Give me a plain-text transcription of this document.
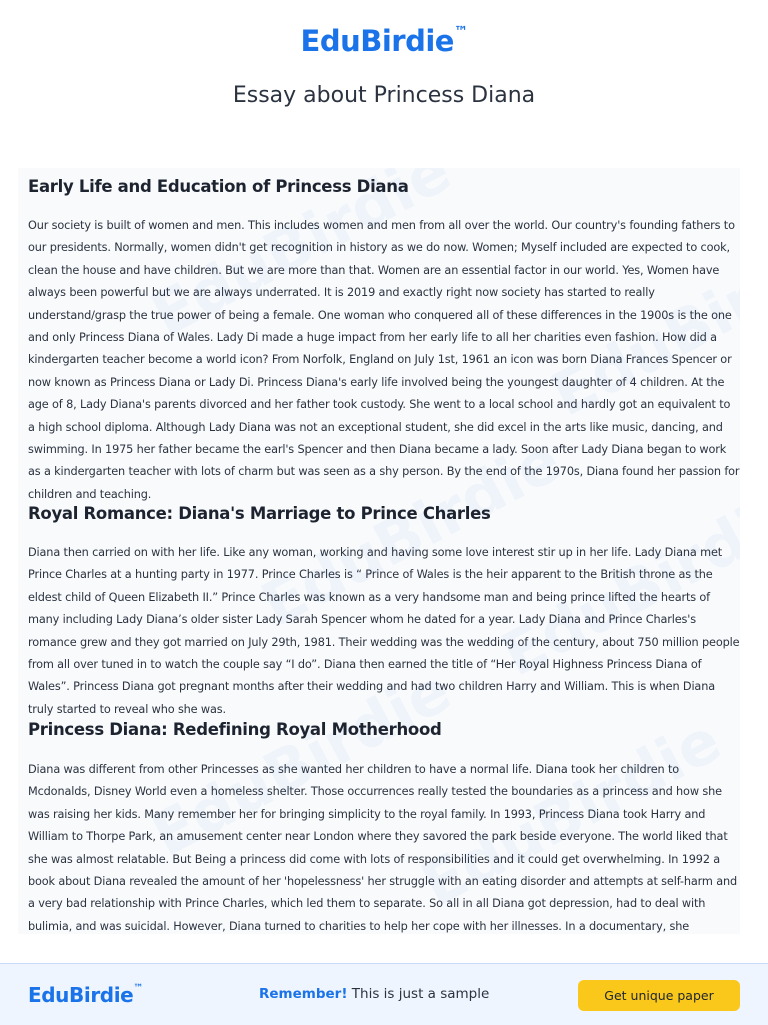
EduBirdie™
Essay about Princess Diana
Early Life and Education of Princess Diana

Our society is built of women and men. This includes women and men from all over the world. Our country's founding fathers to our presidents. Normally, women didn't get recognition in history as we do now. Women; Myself included are expected to cook, clean the house and have children. But we are more than that. Women are an essential factor in our world. Yes, Women have always been powerful but we are always underrated. It is 2019 and exactly right now society has started to really understand/grasp the true power of being a female. One woman who conquered all of these differences in the 1900s is the one and only Princess Diana of Wales. Lady Di made a huge impact from her early life to all her charities even fashion. How did a kindergarten teacher become a world icon? From Norfolk, England on July 1st, 1961 an icon was born Diana Frances Spencer or now known as Princess Diana or Lady Di. Princess Diana's early life involved being the youngest daughter of 4 children. At the age of 8, Lady Diana's parents divorced and her father took custody. She went to a local school and hardly got an equivalent to a high school diploma. Although Lady Diana was not an exceptional student, she did excel in the arts like music, dancing, and swimming. In 1975 her father became the earl's Spencer and then Diana became a lady. Soon after Lady Diana began to work as a kindergarten teacher with lots of charm but was seen as a shy person. By the end of the 1970s, Diana found her passion for children and teaching.

Royal Romance: Diana's Marriage to Prince Charles

Diana then carried on with her life. Like any woman, working and having some love interest stir up in her life. Lady Diana met Prince Charles at a hunting party in 1977. Prince Charles is “ Prince of Wales is the heir apparent to the British throne as the eldest child of Queen Elizabeth II.” Prince Charles was known as a very handsome man and being prince lifted the hearts of many including Lady Diana’s older sister Lady Sarah Spencer whom he dated for a year. Lady Diana and Prince Charles's romance grew and they got married on July 29th, 1981. Their wedding was the wedding of the century, about 750 million people from all over tuned in to watch the couple say “I do”. Diana then earned the title of “Her Royal Highness Princess Diana of Wales”. Princess Diana got pregnant months after their wedding and had two children Harry and William. This is when Diana truly started to reveal who she was.

Princess Diana: Redefining Royal Motherhood

Diana was different from other Princesses as she wanted her children to have a normal life. Diana took her children to Mcdonalds, Disney World even a homeless shelter. Those occurrences really tested the boundaries as a princess and how she was raising her kids. Many remember her for bringing simplicity to the royal family. In 1993, Princess Diana took Harry and William to Thorpe Park, an amusement center near London where they savored the park beside everyone. The world liked that she was almost relatable. But Being a princess did come with lots of responsibilities and it could get overwhelming. In 1992 a book about Diana revealed the amount of her 'hopelessness' her struggle with an eating disorder and attempts at self-harm and a very bad relationship with Prince Charles, which led them to separate. So all in all Diana got depression, had to deal with bulimia, and was suicidal. However, Diana turned to charities to help her cope with her illnesses. In a documentary, she

EduBirdie™	Remember! This is just a sample	Get unique paper
